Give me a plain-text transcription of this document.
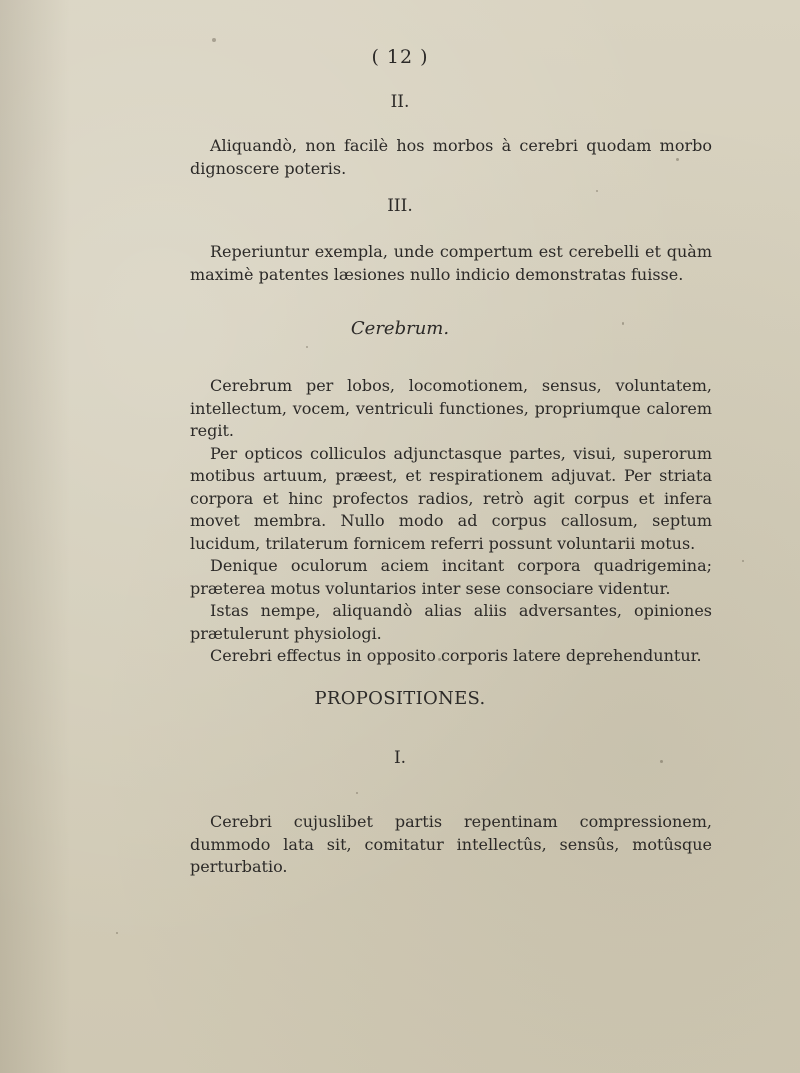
( 12 )
II.

Aliquandò, non facilè hos morbos à cerebri quodam morbo dignoscere poteris.

III.

Reperiuntur exempla, unde compertum est cerebelli et quàm maximè patentes læsiones nullo indicio demonstratas fuisse.

Cerebrum.

Cerebrum per lobos, locomotionem, sensus, voluntatem, intellectum, vocem, ventriculi functiones, propriumque calorem regit.

Per opticos colliculos adjunctasque partes, visui, superorum motibus artuum, præest, et respirationem adjuvat. Per striata corpora et hinc profectos radios, retrò agit corpus et infera movet membra. Nullo modo ad corpus callosum, septum lucidum, trilaterum fornicem referri possunt voluntarii motus.

Denique oculorum aciem incitant corpora quadrigemina; præterea motus voluntarios inter sese consociare videntur.

Istas nempe, aliquandò alias aliis adversantes, opiniones prætulerunt physiologi.

Cerebri effectus in opposito corporis latere deprehenduntur.

PROPOSITIONES.
I.

Cerebri cujuslibet partis repentinam compressionem, dummodo lata sit, comitatur intellectûs, sensûs, motûsque perturbatio.
